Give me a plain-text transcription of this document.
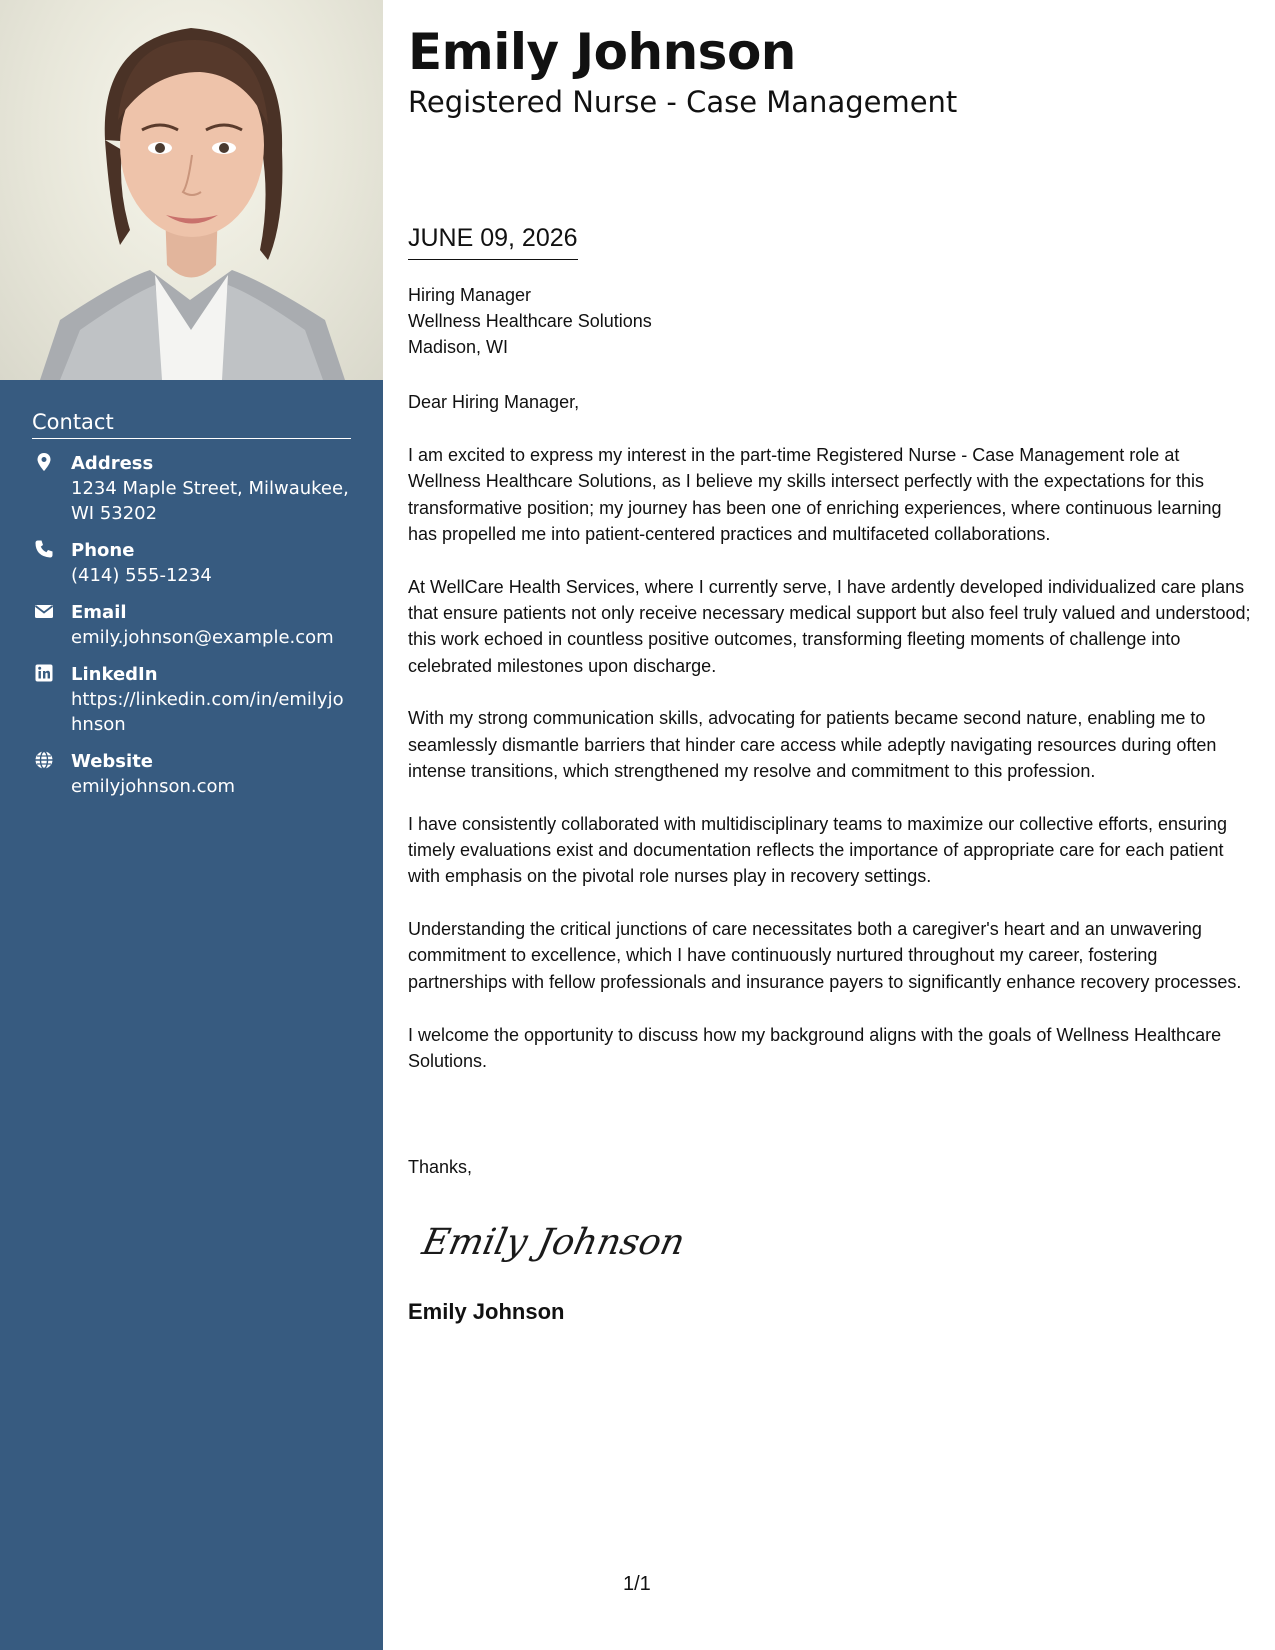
Contact
Address
1234 Maple Street, Milwaukee, WI 53202
Phone
(414) 555-1234
Email
emily.johnson@example.com
LinkedIn
https://linkedin.com/in/emilyjohnson
Website
emilyjohnson.com
Emily Johnson
Registered Nurse - Case Management
JUNE 09, 2026
Hiring Manager
Wellness Healthcare Solutions
Madison, WI
Dear Hiring Manager,

I am excited to express my interest in the part-time Registered Nurse - Case Management role at Wellness Healthcare Solutions, as I believe my skills intersect perfectly with the expectations for this transformative position; my journey has been one of enriching experiences, where continuous learning has propelled me into patient-centered practices and multifaceted collaborations.

At WellCare Health Services, where I currently serve, I have ardently developed individualized care plans that ensure patients not only receive necessary medical support but also feel truly valued and understood; this work echoed in countless positive outcomes, transforming fleeting moments of challenge into celebrated milestones upon discharge.

With my strong communication skills, advocating for patients became second nature, enabling me to seamlessly dismantle barriers that hinder care access while adeptly navigating resources during often intense transitions, which strengthened my resolve and commitment to this profession.

I have consistently collaborated with multidisciplinary teams to maximize our collective efforts, ensuring timely evaluations exist and documentation reflects the importance of appropriate care for each patient with emphasis on the pivotal role nurses play in recovery settings.

Understanding the critical junctions of care necessitates both a caregiver's heart and an unwavering commitment to excellence, which I have continuously nurtured throughout my career, fostering partnerships with fellow professionals and insurance payers to significantly enhance recovery processes.

I welcome the opportunity to discuss how my background aligns with the goals of Wellness Healthcare Solutions.

Thanks,
Emily Johnson
Emily Johnson
1/1
